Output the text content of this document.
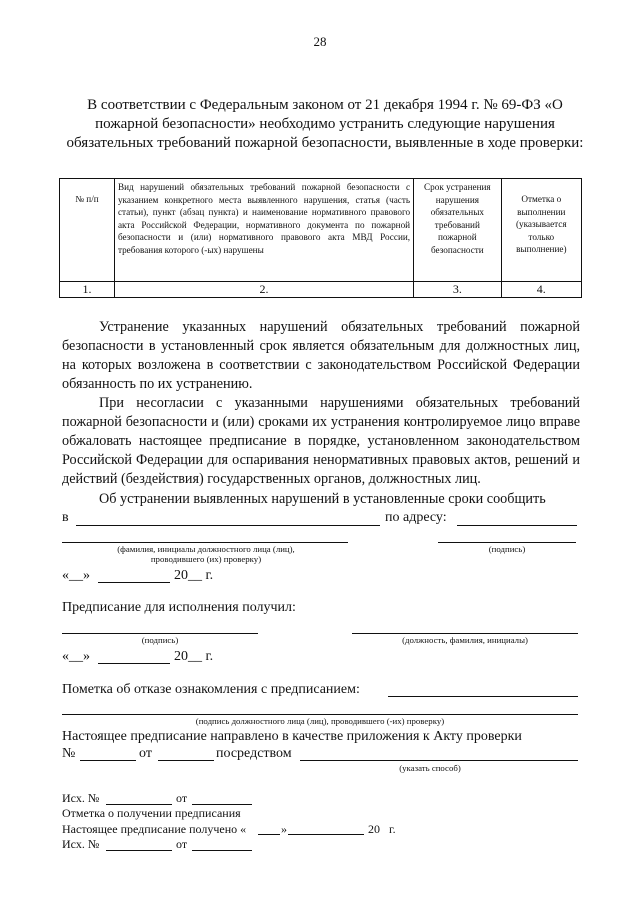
28
В соответствии с Федеральным законом от 21 декабря 1994 г. № 69-ФЗ «О пожарной безопасности» необходимо устранить следующие нарушения обязательных требований пожарной безопасности, выявленные в ходе проверки:
№ п/п	Вид нарушений обязательных требований пожарной безопасности с указанием конкретного места выявленного нарушения, статья (часть статьи), пункт (абзац пункта) и наименование нормативного правового акта Российской Федерации, нормативного документа по пожарной безопасности и (или) нормативного правового акта МВД России, требования которого (-ых) нарушены	Срок устранения нарушения обязательных требований пожарной безопасности	Отметка о выполнении (указывается только выполнение)
1.	2.	3.	4.
Устранение указанных нарушений обязательных требований пожарной безопасности в установленный срок является обязательным для должностных лиц, на которых возложена в соответствии с законодательством Российской Федерации обязанность по их устранению.
При несогласии с указанными нарушениями обязательных требований пожарной безопасности и (или) сроками их устранения контролируемое лицо вправе обжаловать настоящее предписание в порядке, установленном законодательством Российской Федерации для оспаривания ненормативных правовых актов, решений и действий (бездействия) государственных органов, должностных лиц.
Об устранении выявленных нарушений в установленные сроки сообщить
в	по адресу:
(фамилия, инициалы должностного лица (лиц), проводившего (их) проверку)
(подпись)
«__»	20__ г.
Предписание для исполнения получил:
(подпись)	(должность, фамилия, инициалы)
«__»	20__ г.
Пометка об отказе ознакомления с предписанием:
(подпись должностного лица (лиц), проводившего (-их) проверку)
Настоящее предписание направлено в качестве приложения к Акту проверки
№	от	посредством
(указать способ)
Исх. №	от
Отметка о получении предписания
Настоящее предписание получено «	»	20   г.
Исх. №	от
